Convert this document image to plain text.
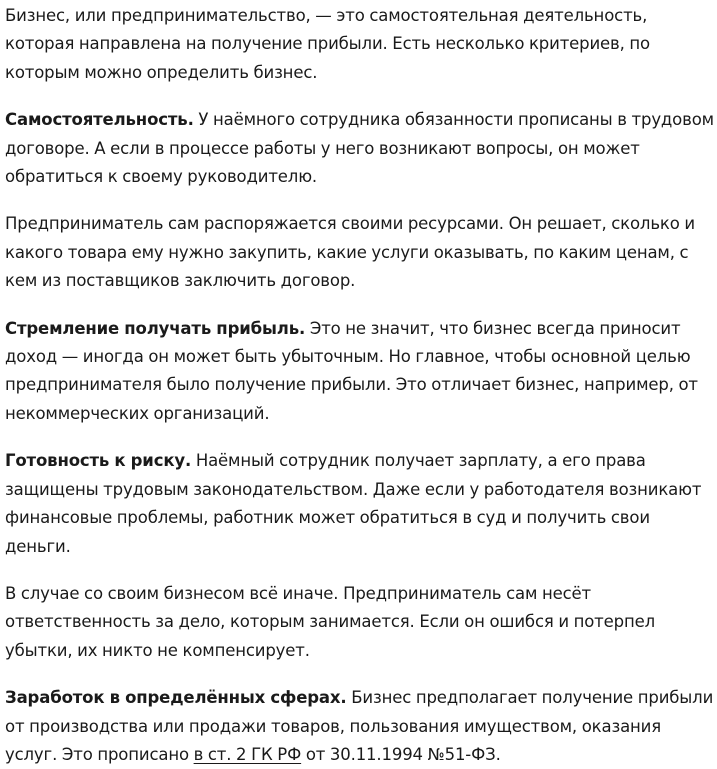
Бизнес, или предпринимательство, — это самостоятельная деятельность, которая направлена на получение прибыли. Есть несколько критериев, по которым можно определить бизнес.

Самостоятельность. У наёмного сотрудника обязанности прописаны в трудовом договоре. А если в процессе работы у него возникают вопросы, он может обратиться к своему руководителю.

Предприниматель сам распоряжается своими ресурсами. Он решает, сколько и какого товара ему нужно закупить, какие услуги оказывать, по каким ценам, с кем из поставщиков заключить договор.

Стремление получать прибыль. Это не значит, что бизнес всегда приносит доход — иногда он может быть убыточным. Но главное, чтобы основной целью предпринимателя было получение прибыли. Это отличает бизнес, например, от некоммерческих организаций.

Готовность к риску. Наёмный сотрудник получает зарплату, а его права защищены трудовым законодательством. Даже если у работодателя возникают финансовые проблемы, работник может обратиться в суд и получить свои деньги.

В случае со своим бизнесом всё иначе. Предприниматель сам несёт ответственность за дело, которым занимается. Если он ошибся и потерпел убытки, их никто не компенсирует.

Заработок в определённых сферах. Бизнес предполагает получение прибыли от производства или продажи товаров, пользования имуществом, оказания услуг. Это прописано в ст. 2 ГК РФ от 30.11.1994 №51-ФЗ.
